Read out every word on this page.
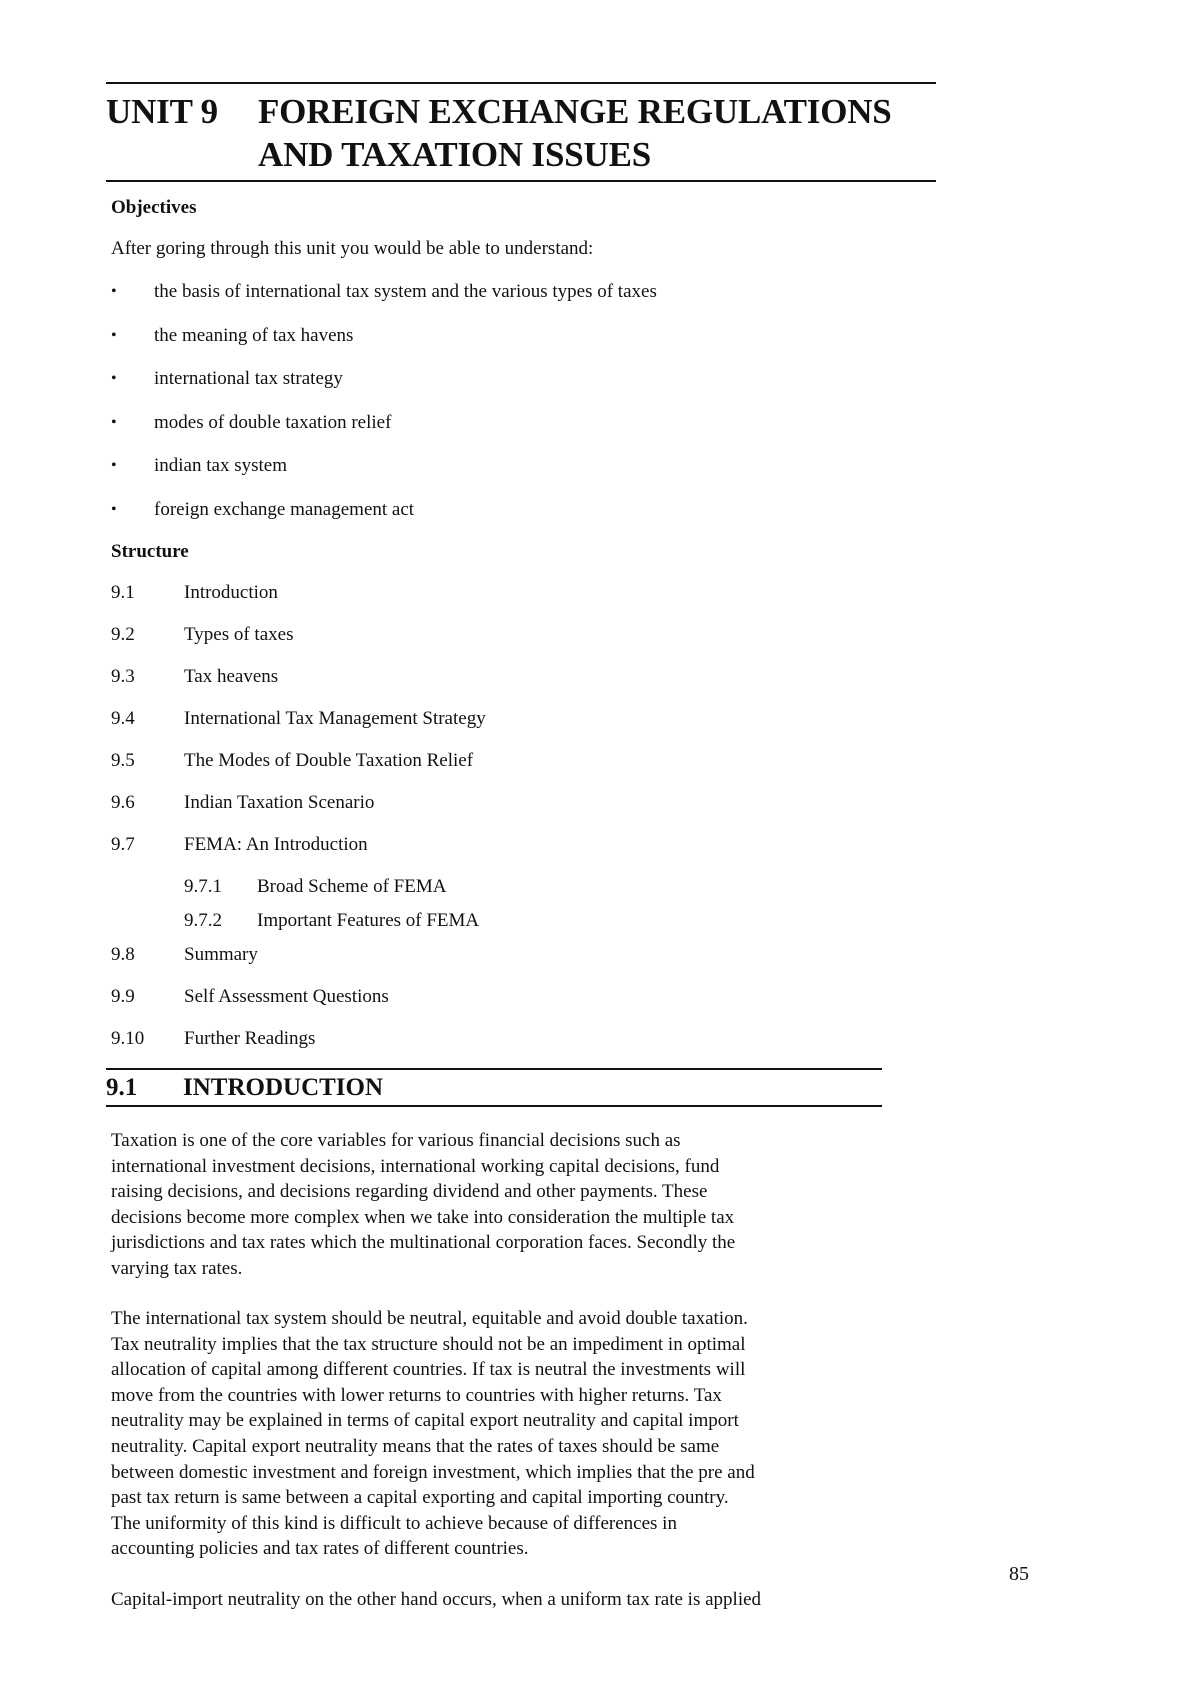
UNIT 9	FOREIGN EXCHANGE REGULATIONS
AND TAXATION ISSUES
Objectives
After goring through this unit you would be able to understand:
•	the basis of international tax system and the various types of taxes
•	the meaning of tax havens
•	international tax strategy
•	modes of double taxation relief
•	indian tax system
•	foreign exchange management act
Structure
9.1	Introduction
9.2	Types of taxes
9.3	Tax heavens
9.4	International Tax Management Strategy
9.5	The Modes of Double Taxation Relief
9.6	Indian Taxation Scenario
9.7	FEMA: An Introduction
9.7.1	Broad Scheme of FEMA
9.7.2	Important Features of FEMA
9.8	Summary
9.9	Self Assessment Questions
9.10	Further Readings
9.1	INTRODUCTION

Taxation is one of the core variables for various financial decisions such as
international investment decisions, international working capital decisions, fund
raising decisions, and decisions regarding dividend and other payments. These
decisions become more complex when we take into consideration the multiple tax
jurisdictions and tax rates which the multinational corporation faces. Secondly the
varying tax rates.

The international tax system should be neutral, equitable and avoid double taxation.
Tax neutrality implies that the tax structure should not be an impediment in optimal
allocation of capital among different countries. If tax is neutral the investments will
move from the countries with lower returns to countries with higher returns. Tax
neutrality may be explained in terms of capital export neutrality and capital import
neutrality. Capital export neutrality means that the rates of taxes should be same
between domestic investment and foreign investment, which implies that the pre and
past tax return is same between a capital exporting and capital importing country.
The uniformity of this kind is difficult to achieve because of differences in
accounting policies and tax rates of different countries.

Capital-import neutrality on the other hand occurs, when a uniform tax rate is applied

85
